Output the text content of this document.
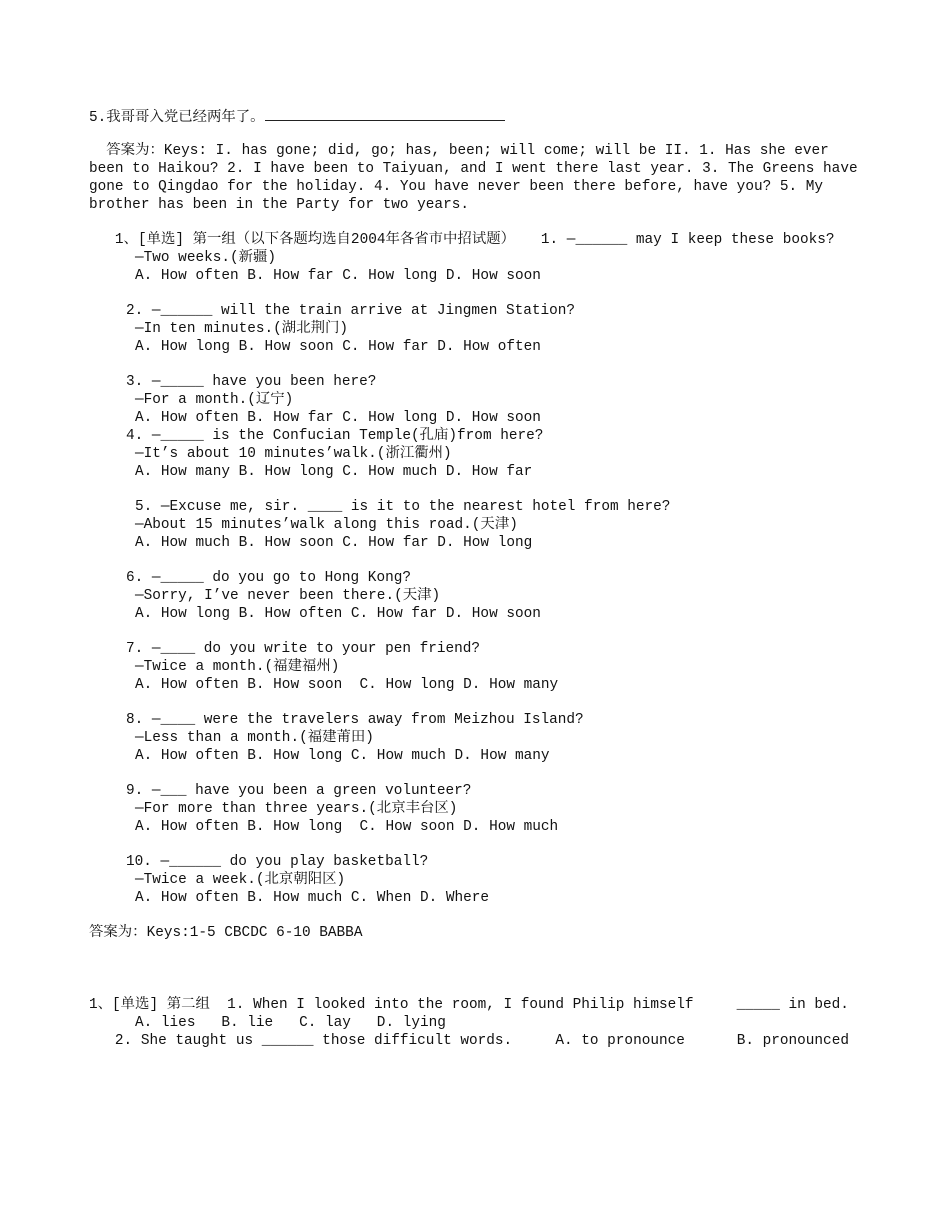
5.我哥哥入党已经两年了。
答案为：Keys: I. has gone; did, go; has, been; will come; will be II. 1. Has she ever been to Haikou? 2. I have been to Taiyuan, and I went there last year. 3. The Greens have gone to Qingdao for the holiday. 4. You have never been there before, have you? 5. My brother has been in the Party for two years.
1、[单选] 第一组（以下各题均选自2004年各省市中招试题）   1. —______ may I keep these books?
—Two weeks.(新疆)
A. How often B. How far C. How long D. How soon
2. —______ will the train arrive at Jingmen Station?
—In ten minutes.(湖北荆门)
A. How long B. How soon C. How far D. How often
3. —_____ have you been here?
—For a month.(辽宁)
A. How often B. How far C. How long D. How soon
4. —_____ is the Confucian Temple(孔庙)from here?
—It’s about 10 minutes’walk.(浙江衢州)
A. How many B. How long C. How much D. How far
5. —Excuse me, sir. ____ is it to the nearest hotel from here?
—About 15 minutes’walk along this road.(天津)
A. How much B. How soon C. How far D. How long
6. —_____ do you go to Hong Kong?
—Sorry, I’ve never been there.(天津)
A. How long B. How often C. How far D. How soon
7. —____ do you write to your pen friend?
—Twice a month.(福建福州)
A. How often B. How soon  C. How long D. How many
8. —____ were the travelers away from Meizhou Island?
—Less than a month.(福建莆田)
A. How often B. How long C. How much D. How many
9. —___ have you been a green volunteer?
—For more than three years.(北京丰台区)
A. How often B. How long  C. How soon D. How much
10. —______ do you play basketball?
—Twice a week.(北京朝阳区)
A. How often B. How much C. When D. Where
答案为：Keys:1-5 CBCDC 6-10 BABBA
1、[单选] 第二组  1. When I looked into the room, I found Philip himself     _____ in bed.
A. lies   B. lie   C. lay   D. lying
2. She taught us ______ those difficult words.     A. to pronounce      B. pronounced
